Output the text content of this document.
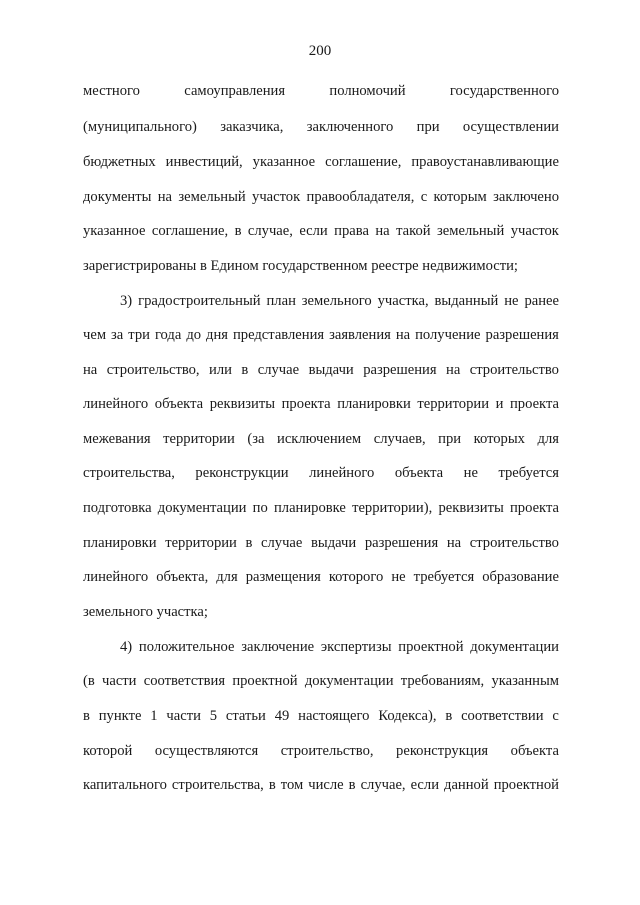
200
местного	самоуправления	полномочий	государственного
(муниципального) заказчика, заключенного при осуществлении
бюджетных инвестиций, указанное соглашение, правоустанавливающие
документы на земельный участок правообладателя, с которым заключено
указанное соглашение, в случае, если права на такой земельный участок
зарегистрированы в Едином государственном реестре недвижимости;
3) градостроительный план земельного участка, выданный не ранее
чем за три года до дня представления заявления на получение разрешения
на строительство, или в случае выдачи разрешения на строительство
линейного объекта реквизиты проекта планировки территории и проекта
межевания территории (за исключением случаев, при которых для
строительства, реконструкции линейного объекта не требуется
подготовка документации по планировке территории), реквизиты проекта
планировки территории в случае выдачи разрешения на строительство
линейного объекта, для размещения которого не требуется образование
земельного участка;
4) положительное заключение экспертизы проектной документации
(в части соответствия проектной документации требованиям, указанным
в пункте 1 части 5 статьи 49 настоящего Кодекса), в соответствии с
которой осуществляются строительство, реконструкция объекта
капитального строительства, в том числе в случае, если данной проектной
